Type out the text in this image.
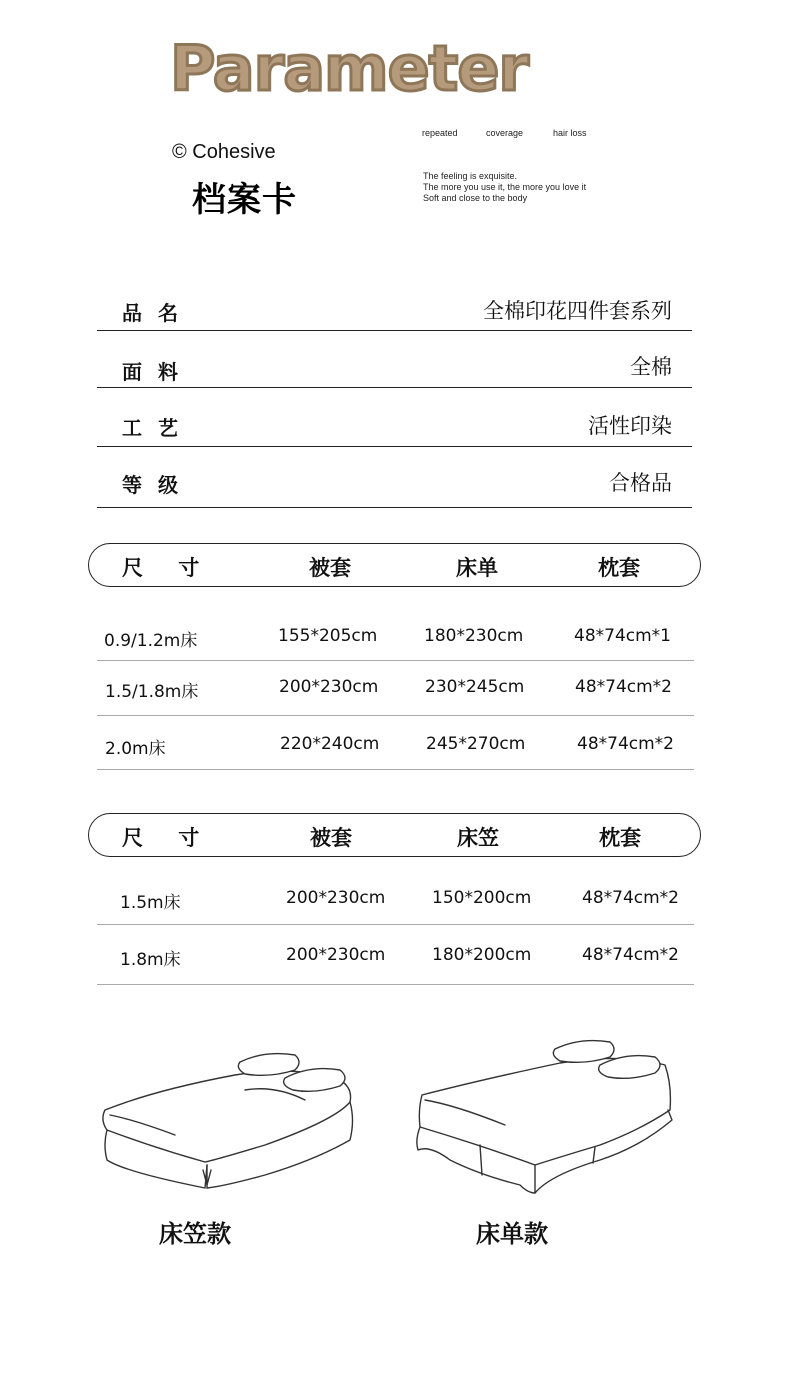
Parameter
© Cohesive
档案卡
repeated	coverage	hair loss
The feeling is exquisite.
The more you use it, the more you love it
Soft and close to the body
品名	全棉印花四件套系列
面料	全棉
工艺	活性印染
等级	合格品
尺 寸	被套	床单	枕套
0.9/1.2m床	155*205cm	180*230cm	48*74cm*1
1.5/1.8m床	200*230cm	230*245cm	48*74cm*2
2.0m床	220*240cm	245*270cm	48*74cm*2
尺 寸	被套	床笠	枕套
1.5m床	200*230cm	150*200cm	48*74cm*2
1.8m床	200*230cm	180*200cm	48*74cm*2
床笠款	床单款
